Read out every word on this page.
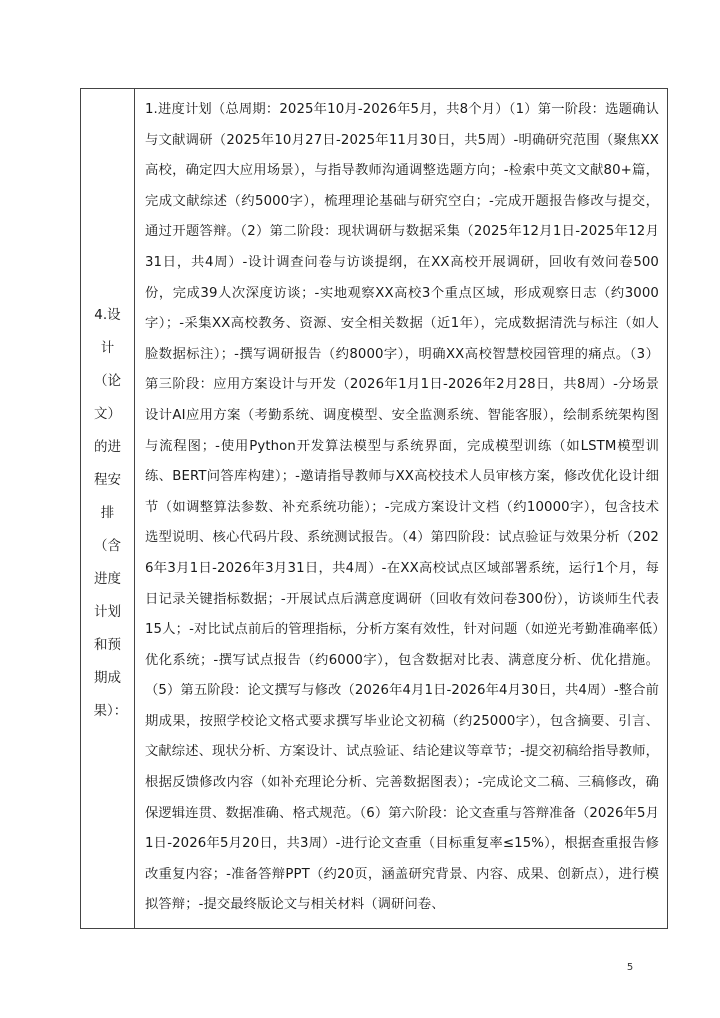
4.设计（论文）的进程安排（含进度计划和预期成果）：

1.进度计划（总周期：2025年10月-2026年5月，共8个月）（1）第一阶段：选题确认与文献调研（2025年10月27日-2025年11月30日，共5周）-明确研究范围（聚焦XX高校，确定四大应用场景），与指导教师沟通调整选题方向；-检索中英文文献80+篇，完成文献综述（约5000字），梳理理论基础与研究空白；-完成开题报告修改与提交，通过开题答辩。（2）第二阶段：现状调研与数据采集（2025年12月1日-2025年12月31日，共4周）-设计调查问卷与访谈提纲，在XX高校开展调研，回收有效问卷500份，完成39人次深度访谈；-实地观察XX高校3个重点区域，形成观察日志（约3000字）；-采集XX高校教务、资源、安全相关数据（近1年），完成数据清洗与标注（如人脸数据标注）；-撰写调研报告（约8000字），明确XX高校智慧校园管理的痛点。（3）第三阶段：应用方案设计与开发（2026年1月1日-2026年2月28日，共8周）-分场景设计AI应用方案（考勤系统、调度模型、安全监测系统、智能客服），绘制系统架构图与流程图；-使用Python开发算法模型与系统界面，完成模型训练（如LSTM模型训练、BERT问答库构建）；-邀请指导教师与XX高校技术人员审核方案，修改优化设计细节（如调整算法参数、补充系统功能）；-完成方案设计文档（约10000字），包含技术选型说明、核心代码片段、系统测试报告。（4）第四阶段：试点验证与效果分析（2026年3月1日-2026年3月31日，共4周）-在XX高校试点区域部署系统，运行1个月，每日记录关键指标数据；-开展试点后满意度调研（回收有效问卷300份），访谈师生代表15人；-对比试点前后的管理指标，分析方案有效性，针对问题（如逆光考勤准确率低）优化系统；-撰写试点报告（约6000字），包含数据对比表、满意度分析、优化措施。（5）第五阶段：论文撰写与修改（2026年4月1日-2026年4月30日，共4周）-整合前期成果，按照学校论文格式要求撰写毕业论文初稿（约25000字），包含摘要、引言、文献综述、现状分析、方案设计、试点验证、结论建议等章节；-提交初稿给指导教师，根据反馈修改内容（如补充理论分析、完善数据图表）；-完成论文二稿、三稿修改，确保逻辑连贯、数据准确、格式规范。（6）第六阶段：论文查重与答辩准备（2026年5月1日-2026年5月20日，共3周）-进行论文查重（目标重复率≤15%），根据查重报告修改重复内容；-准备答辩PPT（约20页，涵盖研究背景、内容、成果、创新点），进行模拟答辩；-提交最终版论文与相关材料（调研问卷、

5
